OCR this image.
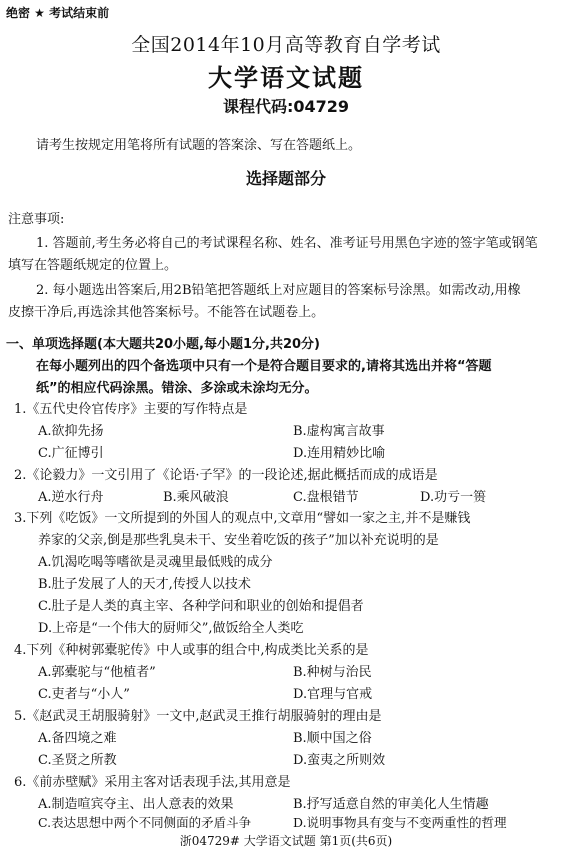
绝密 ★ 考试结束前
全国2014年10月高等教育自学考试
大学语文试题
课程代码:04729
请考生按规定用笔将所有试题的答案涂、写在答题纸上。
选择题部分
注意事项:
1. 答题前,考生务必将自己的考试课程名称、姓名、准考证号用黑色字迹的签字笔或钢笔
填写在答题纸规定的位置上。
2. 每小题选出答案后,用2B铅笔把答题纸上对应题目的答案标号涂黑。如需改动,用橡
皮擦干净后,再选涂其他答案标号。不能答在试题卷上。
一、单项选择题(本大题共20小题,每小题1分,共20分)
在每小题列出的四个备选项中只有一个是符合题目要求的,请将其选出并将“答题
纸”的相应代码涂黑。错涂、多涂或未涂均无分。
1.《五代史伶官传序》主要的写作特点是
A.欲抑先扬	B.虚构寓言故事
C.广征博引	D.连用精妙比喻
2.《论毅力》一文引用了《论语·子罕》的一段论述,据此概括而成的成语是
A.逆水行舟	B.乘风破浪	C.盘根错节	D.功亏一篑
3.下列《吃饭》一文所提到的外国人的观点中,文章用“譬如一家之主,并不是赚钱
养家的父亲,倒是那些乳臭未干、安坐着吃饭的孩子”加以补充说明的是
A.饥渴吃喝等嗜欲是灵魂里最低贱的成分
B.肚子发展了人的天才,传授人以技术
C.肚子是人类的真主宰、各种学问和职业的创始和提倡者
D.上帝是“一个伟大的厨师父”,做饭给全人类吃
4.下列《种树郭橐驼传》中人或事的组合中,构成类比关系的是
A.郭橐驼与“他植者”	B.种树与治民
C.吏者与“小人”	D.官理与官戒
5.《赵武灵王胡服骑射》一文中,赵武灵王推行胡服骑射的理由是
A.备四境之难	B.顺中国之俗
C.圣贤之所教	D.蛮夷之所则效
6.《前赤壁赋》采用主客对话表现手法,其用意是
A.制造喧宾夺主、出人意表的效果	B.抒写适意自然的审美化人生情趣
C.表达思想中两个不同侧面的矛盾斗争	D.说明事物具有变与不变两重性的哲理
浙04729# 大学语文试题 第1页(共6页)
